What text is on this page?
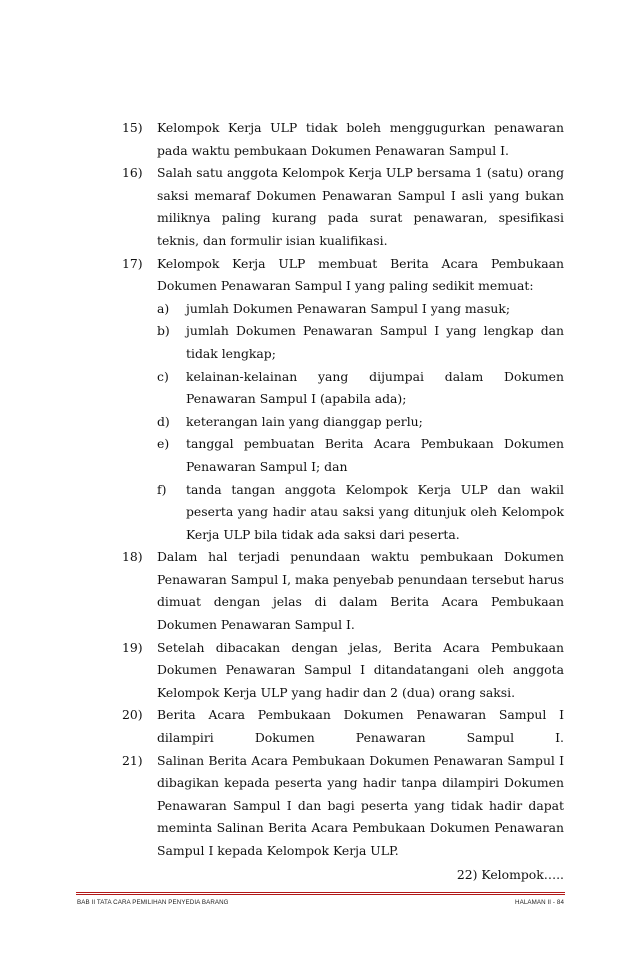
15)	Kelompok Kerja ULP tidak boleh menggugurkan penawaran pada waktu pembukaan Dokumen Penawaran Sampul I.
16)	Salah satu anggota Kelompok Kerja ULP bersama 1 (satu) orang saksi memaraf Dokumen Penawaran Sampul I asli yang bukan miliknya paling kurang pada surat penawaran, spesifikasi teknis, dan formulir isian kualifikasi.
17)	Kelompok Kerja ULP membuat Berita Acara Pembukaan Dokumen Penawaran Sampul I yang paling sedikit memuat:
a) jumlah Dokumen Penawaran Sampul I yang masuk;
b) jumlah Dokumen Penawaran Sampul I yang lengkap dan tidak lengkap;
c) kelainan-kelainan yang dijumpai dalam Dokumen Penawaran Sampul I (apabila ada);
d) keterangan lain yang dianggap perlu;
e) tanggal pembuatan Berita Acara Pembukaan Dokumen Penawaran Sampul I; dan
f) tanda tangan anggota Kelompok Kerja ULP dan wakil peserta yang hadir atau saksi yang ditunjuk oleh Kelompok Kerja ULP bila tidak ada saksi dari peserta.
18)	Dalam hal terjadi penundaan waktu pembukaan Dokumen Penawaran Sampul I, maka penyebab penundaan tersebut harus dimuat dengan jelas di dalam Berita Acara Pembukaan Dokumen Penawaran Sampul I.
19)	Setelah dibacakan dengan jelas, Berita Acara Pembukaan Dokumen Penawaran Sampul I ditandatangani oleh anggota Kelompok Kerja ULP yang hadir dan 2 (dua) orang saksi.
20)	Berita Acara Pembukaan Dokumen Penawaran Sampul I dilampiri Dokumen Penawaran Sampul I.
21)	Salinan Berita Acara Pembukaan Dokumen Penawaran Sampul I dibagikan kepada peserta yang hadir tanpa dilampiri Dokumen Penawaran Sampul I dan bagi peserta yang tidak hadir dapat meminta Salinan Berita Acara Pembukaan Dokumen Penawaran Sampul I kepada Kelompok Kerja ULP.
22) Kelompok…..
BAB II TATA CARA PEMILIHAN PENYEDIA BARANG	HALAMAN II - 84
